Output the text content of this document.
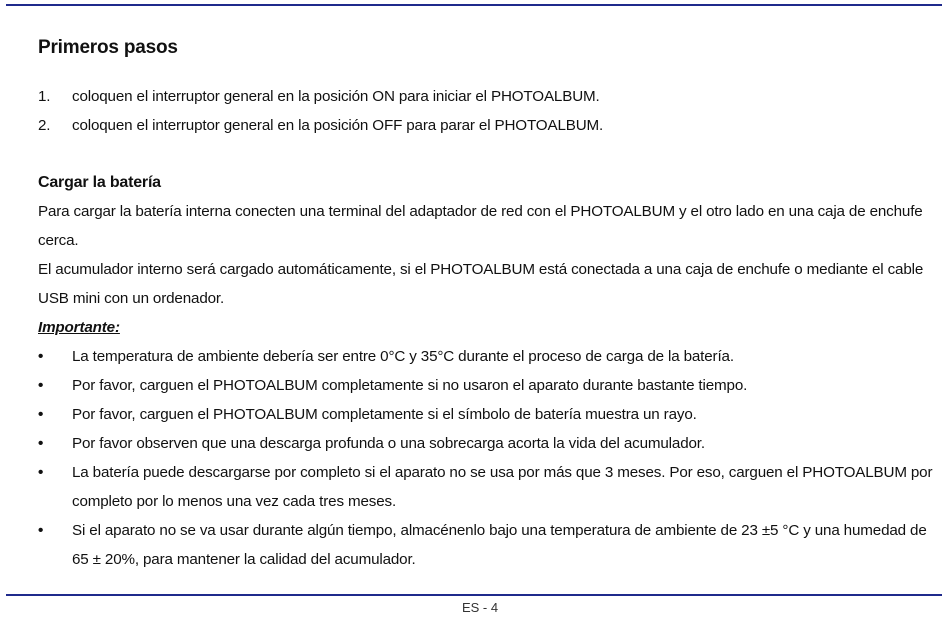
Primeros pasos
1.	coloquen el interruptor general en la posición ON para iniciar el PHOTOALBUM.
2.	coloquen el interruptor general en la posición OFF para parar el PHOTOALBUM.
Cargar la batería

Para cargar la batería interna conecten una terminal del adaptador de red con el PHOTOALBUM y el otro lado en una caja de enchufe cerca.

El acumulador interno será cargado automáticamente, si el PHOTOALBUM está conectada a una caja de enchufe o mediante el cable USB mini con un ordenador.

Importante:
•	La temperatura de ambiente debería ser entre 0°C y 35°C durante el proceso de carga de la batería.
•	Por favor, carguen el PHOTOALBUM completamente si no usaron el aparato durante bastante tiempo.
•	Por favor, carguen el PHOTOALBUM completamente si el símbolo de batería muestra un rayo.
•	Por favor observen que una descarga profunda o una sobrecarga acorta la vida del acumulador.
•	La batería puede descargarse por completo si el aparato no se usa por más que 3 meses. Por eso, carguen el PHOTOALBUM por completo por lo menos una vez cada tres meses.
•	Si el aparato no se va usar durante algún tiempo, almacénenlo bajo una temperatura de ambiente de 23 ±5 °C y una humedad de 65 ± 20%, para mantener la calidad del acumulador.
ES - 4
